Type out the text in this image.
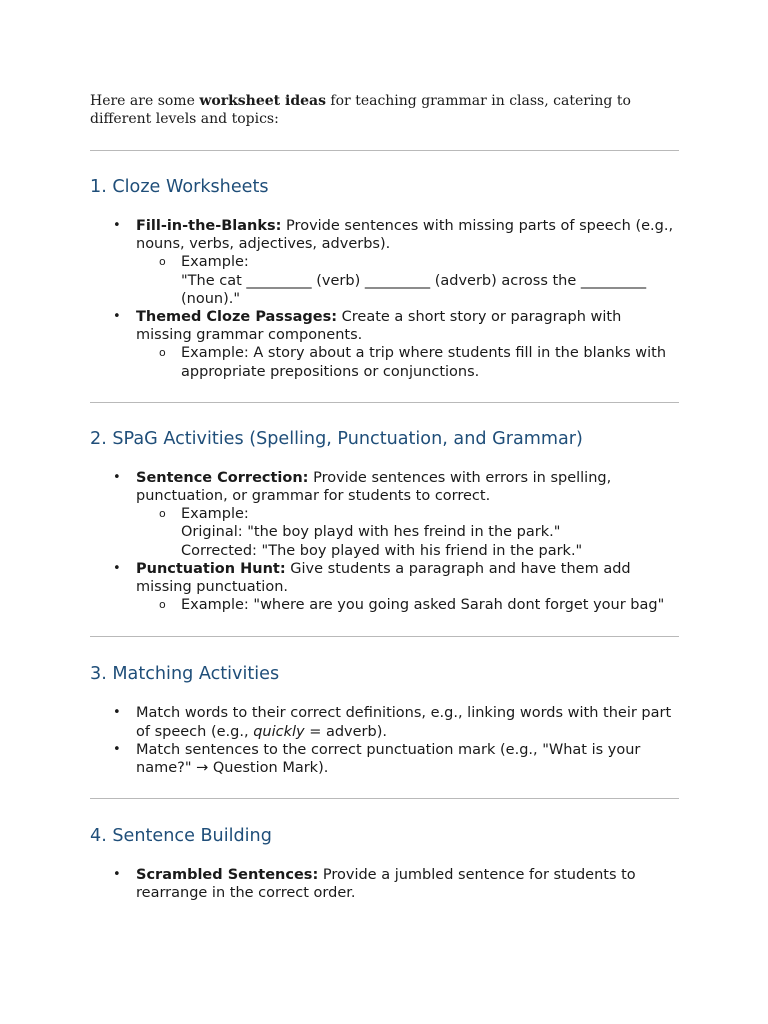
Here are some worksheet ideas for teaching grammar in class, catering to different levels and topics:

1. Cloze Worksheets
• Fill-in-the-Blanks: Provide sentences with missing parts of speech (e.g., nouns, verbs, adjectives, adverbs).
o Example:
"The cat _________ (verb) _________ (adverb) across the _________ (noun)."
• Themed Cloze Passages: Create a short story or paragraph with missing grammar components.
o Example: A story about a trip where students fill in the blanks with appropriate prepositions or conjunctions.
2. SPaG Activities (Spelling, Punctuation, and Grammar)
• Sentence Correction: Provide sentences with errors in spelling, punctuation, or grammar for students to correct.
o Example:
Original: "the boy playd with hes freind in the park."
Corrected: "The boy played with his friend in the park."
• Punctuation Hunt: Give students a paragraph and have them add missing punctuation.
o Example: "where are you going asked Sarah dont forget your bag"
3. Matching Activities
• Match words to their correct definitions, e.g., linking words with their part of speech (e.g., quickly = adverb).
• Match sentences to the correct punctuation mark (e.g., "What is your name?" → Question Mark).
4. Sentence Building
• Scrambled Sentences: Provide a jumbled sentence for students to rearrange in the correct order.
